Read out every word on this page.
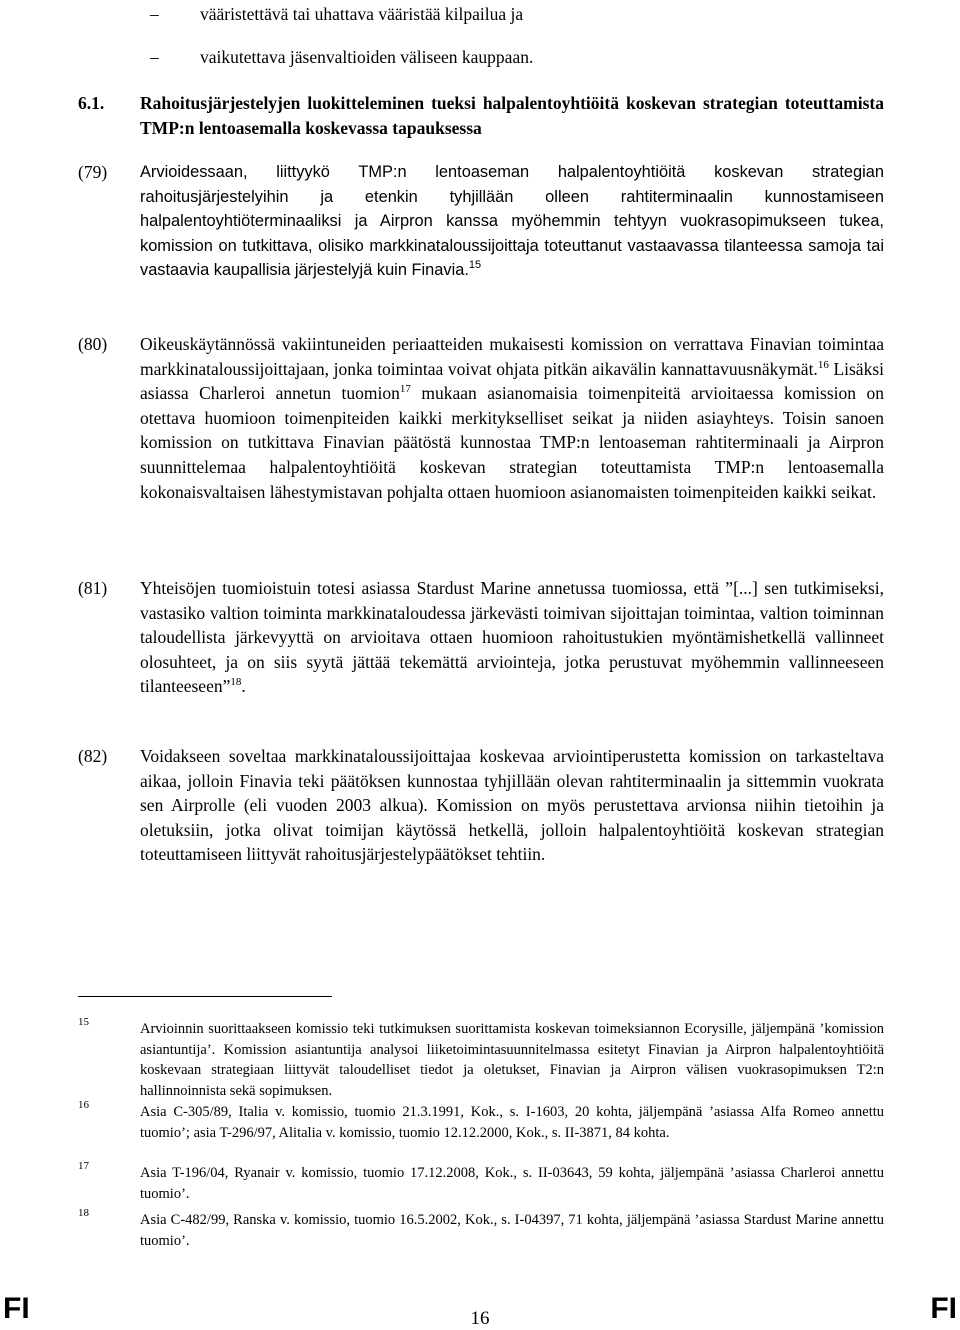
– vääristettävä tai uhattava vääristää kilpailua ja
– vaikutettava jäsenvaltioiden väliseen kauppaan.
6.1. Rahoitusjärjestelyjen luokitteleminen tueksi halpalentoyhtiöitä koskevan strategian toteuttamista TMP:n lentoasemalla koskevassa tapauksessa
(79) Arvioidessaan, liittyykö TMP:n lentoaseman halpalentoyhtiöitä koskevan strategian rahoitusjärjestelyihin ja etenkin tyhjillään olleen rahtiterminaalin kunnostamiseen halpalentoyhtiöterminaaliksi ja Airpron kanssa myöhemmin tehtyyn vuokrasopimukseen tukea, komission on tutkittava, olisiko markkinataloussijoittaja toteuttanut vastaavassa tilanteessa samoja tai vastaavia kaupallisia järjestelyjä kuin Finavia.$^{15}$
(80) Oikeuskäytännössä vakiintuneiden periaatteiden mukaisesti komission on verrattava Finavian toimintaa markkinataloussijoittajaan, jonka toimintaa voivat ohjata pitkän aikavälin kannattavuusnäkymät.$^{16}$ Lisäksi asiassa Charleroi annetun tuomion$^{17}$ mukaan asianomaisia toimenpiteitä arvioitaessa komission on otettava huomioon toimenpiteiden kaikki merkitykselliset seikat ja niiden asiayhteys. Toisin sanoen komission on tutkittava Finavian päätöstä kunnostaa TMP:n lentoaseman rahtiterminaali ja Airpron suunnittelemaa halpalentoyhtiöitä koskevan strategian toteuttamista TMP:n lentoasemalla kokonaisvaltaisen lähestymistavan pohjalta ottaen huomioon asianomaisten toimenpiteiden kaikki seikat.
(81) Yhteisöjen tuomioistuin totesi asiassa Stardust Marine annetussa tuomiossa, että ”[...] sen tutkimiseksi, vastasiko valtion toiminta markkinataloudessa järkevästi toimivan sijoittajan toimintaa, valtion toiminnan taloudellista järkevyyttä on arvioitava ottaen huomioon rahoitustukien myöntämishetkellä vallinneet olosuhteet, ja on siis syytä jättää tekemättä arviointeja, jotka perustuvat myöhemmin vallinneeseen tilanteeseen”$^{18}$.
(82) Voidakseen soveltaa markkinataloussijoittajaa koskevaa arviointiperustetta komission on tarkasteltava aikaa, jolloin Finavia teki päätöksen kunnostaa tyhjillään olevan rahtiterminaalin ja sittemmin vuokrata sen Airprolle (eli vuoden 2003 alkua). Komission on myös perustettava arvionsa niihin tietoihin ja oletuksiin, jotka olivat toimijan käytössä hetkellä, jolloin halpalentoyhtiöitä koskevan strategian toteuttamiseen liittyvät rahoitusjärjestelypäätökset tehtiin.
15	Arvioinnin suorittaakseen komissio teki tutkimuksen suorittamista koskevan toimeksiannon Ecorysille, jäljempänä ’komission asiantuntija’. Komission asiantuntija analysoi liiketoimintasuunnitelmassa esitetyt Finavian ja Airpron halpalentoyhtiöitä koskevaan strategiaan liittyvät taloudelliset tiedot ja oletukset, Finavian ja Airpron välisen vuokrasopimuksen T2:n hallinnoinnista sekä sopimuksen.
16	Asia C-305/89, Italia v. komissio, tuomio 21.3.1991, Kok., s. I-1603, 20 kohta, jäljempänä ’asiassa Alfa Romeo annettu tuomio’; asia T-296/97, Alitalia v. komissio, tuomio 12.12.2000, Kok., s. II-3871, 84 kohta.
17	Asia T-196/04, Ryanair v. komissio, tuomio 17.12.2008, Kok., s. II-03643, 59 kohta, jäljempänä ’asiassa Charleroi annettu tuomio’.
18	Asia C-482/99, Ranska v. komissio, tuomio 16.5.2002, Kok., s. I-04397, 71 kohta, jäljempänä ’asiassa Stardust Marine annettu tuomio’.
FI	16	FI
